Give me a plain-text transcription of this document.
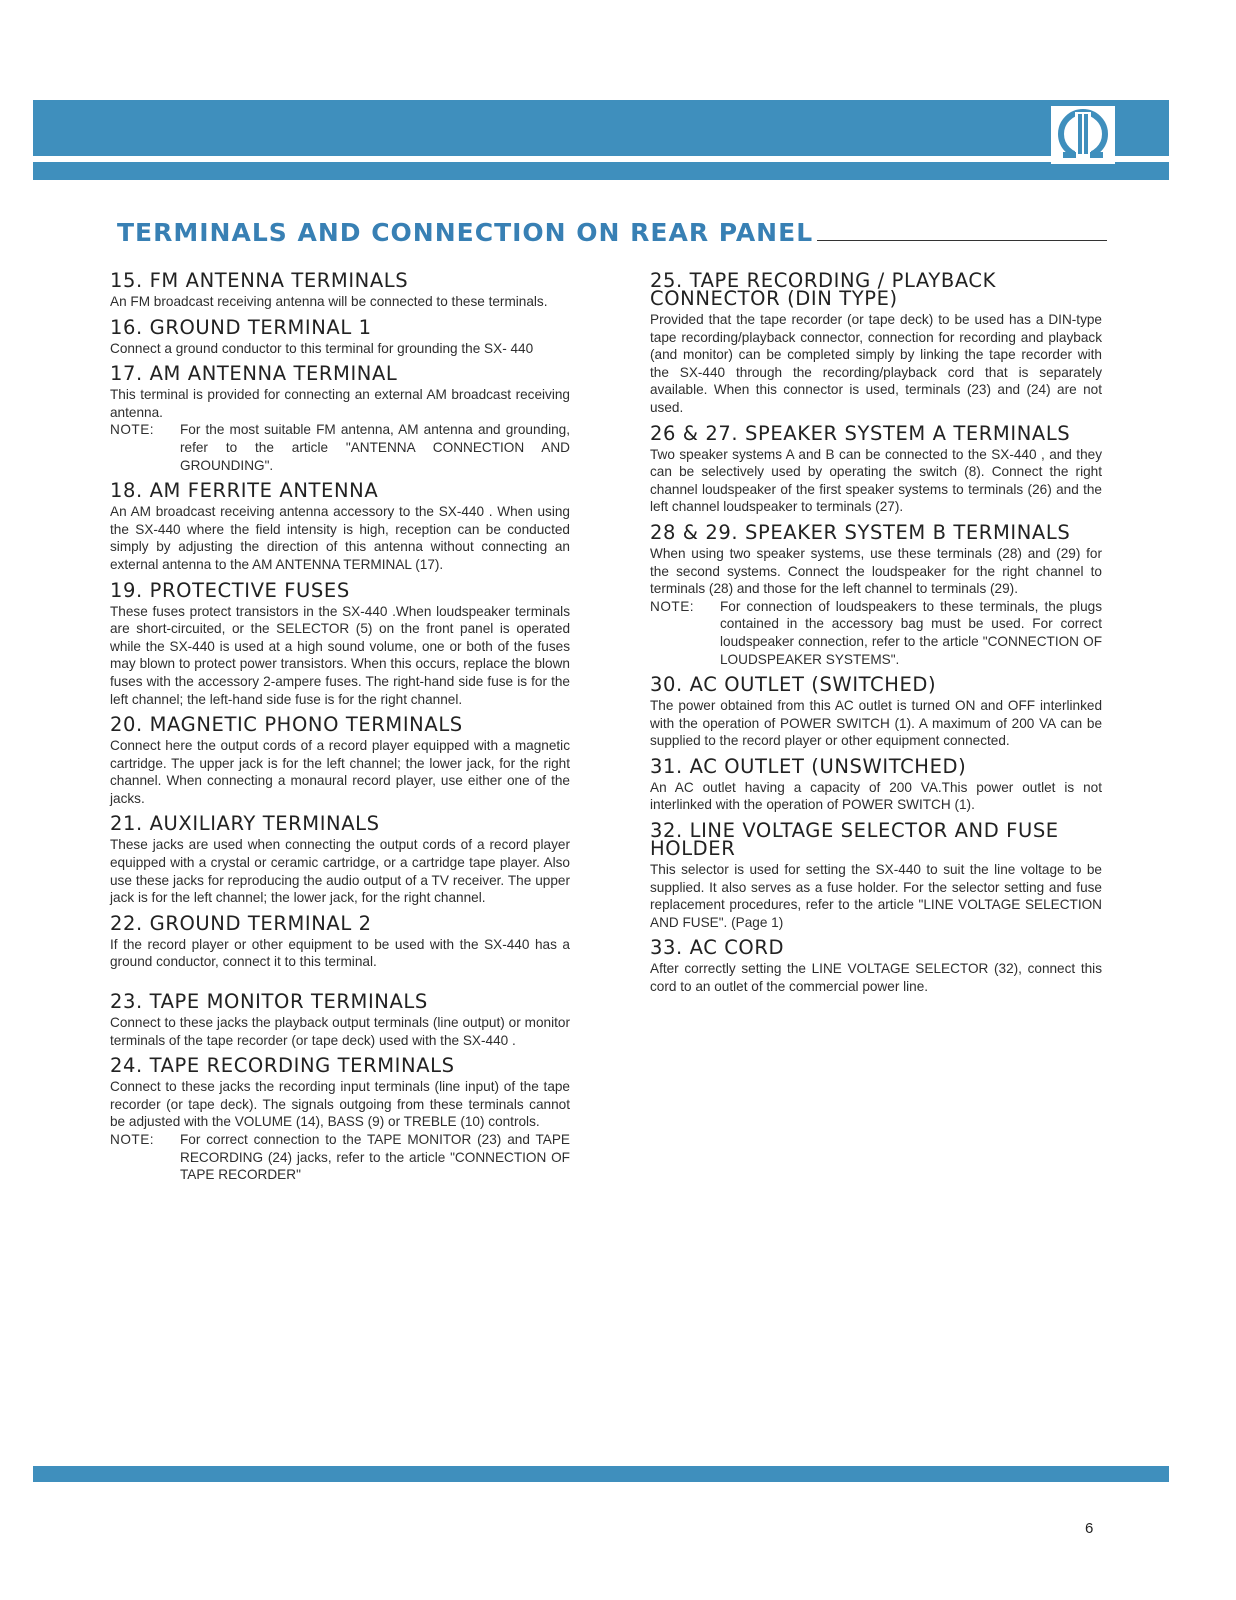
TERMINALS AND CONNECTION ON REAR PANEL
15. FM ANTENNA TERMINALS
An FM broadcast receiving antenna will be connected to these terminals.
16. GROUND TERMINAL 1
Connect a ground conductor to this terminal for grounding the SX- 440
17. AM ANTENNA TERMINAL
This terminal is provided for connecting an external AM broadcast receiving antenna.
NOTE:	For the most suitable FM antenna, AM antenna and grounding, refer to the article "ANTENNA CONNECTION AND GROUNDING".
18. AM FERRITE ANTENNA
An AM broadcast receiving antenna accessory to the SX-440 . When using the SX-440 where the field intensity is high, reception can be conducted simply by adjusting the direction of this antenna without connecting an external antenna to the AM ANTENNA TERMINAL (17).
19. PROTECTIVE FUSES
These fuses protect transistors in the SX-440 .When loudspeaker terminals are short-circuited, or the SELECTOR (5) on the front panel is operated while the SX-440 is used at a high sound volume, one or both of the fuses may blown to protect power transistors. When this occurs, replace the blown fuses with the accessory 2-ampere fuses. The right-hand side fuse is for the left channel; the left-hand side fuse is for the right channel.
20. MAGNETIC PHONO TERMINALS
Connect here the output cords of a record player equipped with a magnetic cartridge. The upper jack is for the left channel; the lower jack, for the right channel. When connecting a monaural record player, use either one of the jacks.
21. AUXILIARY TERMINALS
These jacks are used when connecting the output cords of a record player equipped with a crystal or ceramic cartridge, or a cartridge tape player. Also use these jacks for reproducing the audio output of a TV receiver. The upper jack is for the left channel; the lower jack, for the right channel.
22. GROUND TERMINAL 2
If the record player or other equipment to be used with the SX-440 has a ground conductor, connect it to this terminal.
23. TAPE MONITOR TERMINALS
Connect to these jacks the playback output terminals (line output) or monitor terminals of the tape recorder (or tape deck) used with the SX-440 .
24. TAPE RECORDING TERMINALS
Connect to these jacks the recording input terminals (line input) of the tape recorder (or tape deck). The signals outgoing from these terminals cannot be adjusted with the VOLUME (14), BASS (9) or TREBLE (10) controls.
NOTE:	For correct connection to the TAPE MONITOR (23) and TAPE RECORDING (24) jacks, refer to the article "CONNECTION OF TAPE RECORDER"
25. TAPE RECORDING / PLAYBACK CONNECTOR (DIN TYPE)
Provided that the tape recorder (or tape deck) to be used has a DIN-type tape recording/playback connector, connection for recording and playback (and monitor) can be completed simply by linking the tape recorder with the SX-440 through the recording/playback cord that is separately available. When this connector is used, terminals (23) and (24) are not used.
26 & 27. SPEAKER SYSTEM A TERMINALS
Two speaker systems A and B can be connected to the SX-440 , and they can be selectively used by operating the switch (8). Connect the right channel loudspeaker of the first speaker systems to terminals (26) and the left channel loudspeaker to terminals (27).
28 & 29. SPEAKER SYSTEM B TERMINALS
When using two speaker systems, use these terminals (28) and (29) for the second systems. Connect the loudspeaker for the right channel to terminals (28) and those for the left channel to terminals (29).
NOTE:	For connection of loudspeakers to these terminals, the plugs contained in the accessory bag must be used. For correct loudspeaker connection, refer to the article "CONNECTION OF LOUDSPEAKER SYSTEMS".
30. AC OUTLET (SWITCHED)
The power obtained from this AC outlet is turned ON and OFF interlinked with the operation of POWER SWITCH (1). A maximum of 200 VA can be supplied to the record player or other equipment connected.
31. AC OUTLET (UNSWITCHED)
An AC outlet having a capacity of 200 VA.This power outlet is not interlinked with the operation of POWER SWITCH (1).
32. LINE VOLTAGE SELECTOR AND FUSE HOLDER
This selector is used for setting the SX-440 to suit the line voltage to be supplied. It also serves as a fuse holder. For the selector setting and fuse replacement procedures, refer to the article "LINE VOLTAGE SELECTION AND FUSE". (Page 1)
33. AC CORD
After correctly setting the LINE VOLTAGE SELECTOR (32), connect this cord to an outlet of the commercial power line.
6
